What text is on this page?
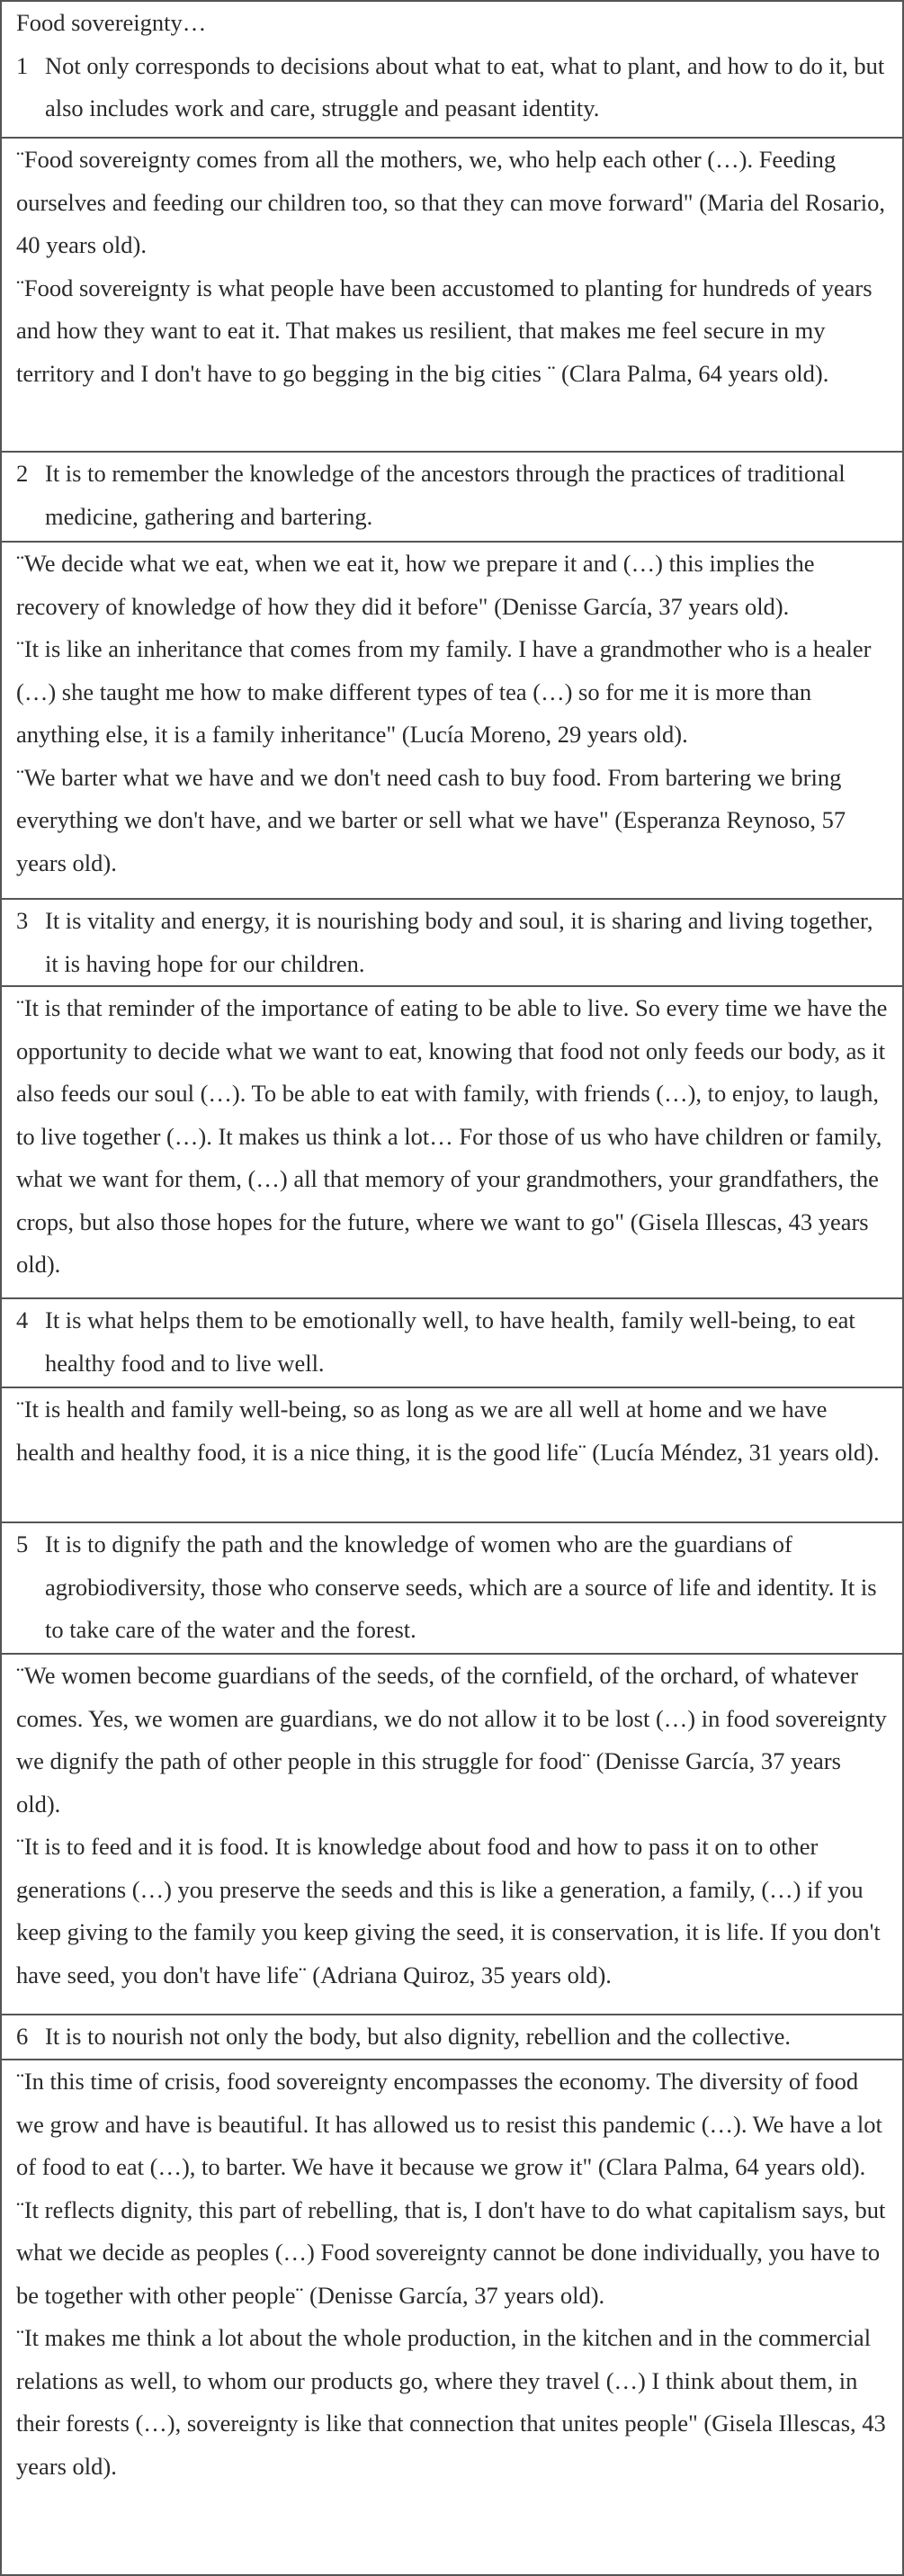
Food sovereignty…

1 Not only corresponds to decisions about what to eat, what to plant, and how to do it, but also includes work and care, struggle and peasant identity.

¨Food sovereignty comes from all the mothers, we, who help each other (…). Feeding ourselves and feeding our children too, so that they can move forward" (Maria del Rosario, 40 years old).

¨Food sovereignty is what people have been accustomed to planting for hundreds of years and how they want to eat it. That makes us resilient, that makes me feel secure in my territory and I don't have to go begging in the big cities ¨ (Clara Palma, 64 years old).

2 It is to remember the knowledge of the ancestors through the practices of traditional medicine, gathering and bartering.

¨We decide what we eat, when we eat it, how we prepare it and (…) this implies the recovery of knowledge of how they did it before" (Denisse García, 37 years old).

¨It is like an inheritance that comes from my family. I have a grandmother who is a healer (…) she taught me how to make different types of tea (…) so for me it is more than anything else, it is a family inheritance" (Lucía Moreno, 29 years old).

¨We barter what we have and we don't need cash to buy food. From bartering we bring everything we don't have, and we barter or sell what we have" (Esperanza Reynoso, 57 years old).

3 It is vitality and energy, it is nourishing body and soul, it is sharing and living together, it is having hope for our children.

¨It is that reminder of the importance of eating to be able to live. So every time we have the opportunity to decide what we want to eat, knowing that food not only feeds our body, as it also feeds our soul (…). To be able to eat with family, with friends (…), to enjoy, to laugh, to live together (…). It makes us think a lot… For those of us who have children or family, what we want for them, (…) all that memory of your grandmothers, your grandfathers, the crops, but also those hopes for the future, where we want to go" (Gisela Illescas, 43 years old).

4 It is what helps them to be emotionally well, to have health, family well-being, to eat healthy food and to live well.

¨It is health and family well-being, so as long as we are all well at home and we have health and healthy food, it is a nice thing, it is the good life¨ (Lucía Méndez, 31 years old).

5 It is to dignify the path and the knowledge of women who are the guardians of agrobiodiversity, those who conserve seeds, which are a source of life and identity. It is to take care of the water and the forest.

¨We women become guardians of the seeds, of the cornfield, of the orchard, of whatever comes. Yes, we women are guardians, we do not allow it to be lost (…) in food sovereignty we dignify the path of other people in this struggle for food¨ (Denisse García, 37 years old).

¨It is to feed and it is food. It is knowledge about food and how to pass it on to other generations (…) you preserve the seeds and this is like a generation, a family, (…) if you keep giving to the family you keep giving the seed, it is conservation, it is life. If you don't have seed, you don't have life¨ (Adriana Quiroz, 35 years old).

6 It is to nourish not only the body, but also dignity, rebellion and the collective.

¨In this time of crisis, food sovereignty encompasses the economy. The diversity of food we grow and have is beautiful. It has allowed us to resist this pandemic (…). We have a lot of food to eat (…), to barter. We have it because we grow it" (Clara Palma, 64 years old).

¨It reflects dignity, this part of rebelling, that is, I don't have to do what capitalism says, but what we decide as peoples (…) Food sovereignty cannot be done individually, you have to be together with other people¨ (Denisse García, 37 years old).

¨It makes me think a lot about the whole production, in the kitchen and in the commercial relations as well, to whom our products go, where they travel (…) I think about them, in their forests (…), sovereignty is like that connection that unites people" (Gisela Illescas, 43 years old).
